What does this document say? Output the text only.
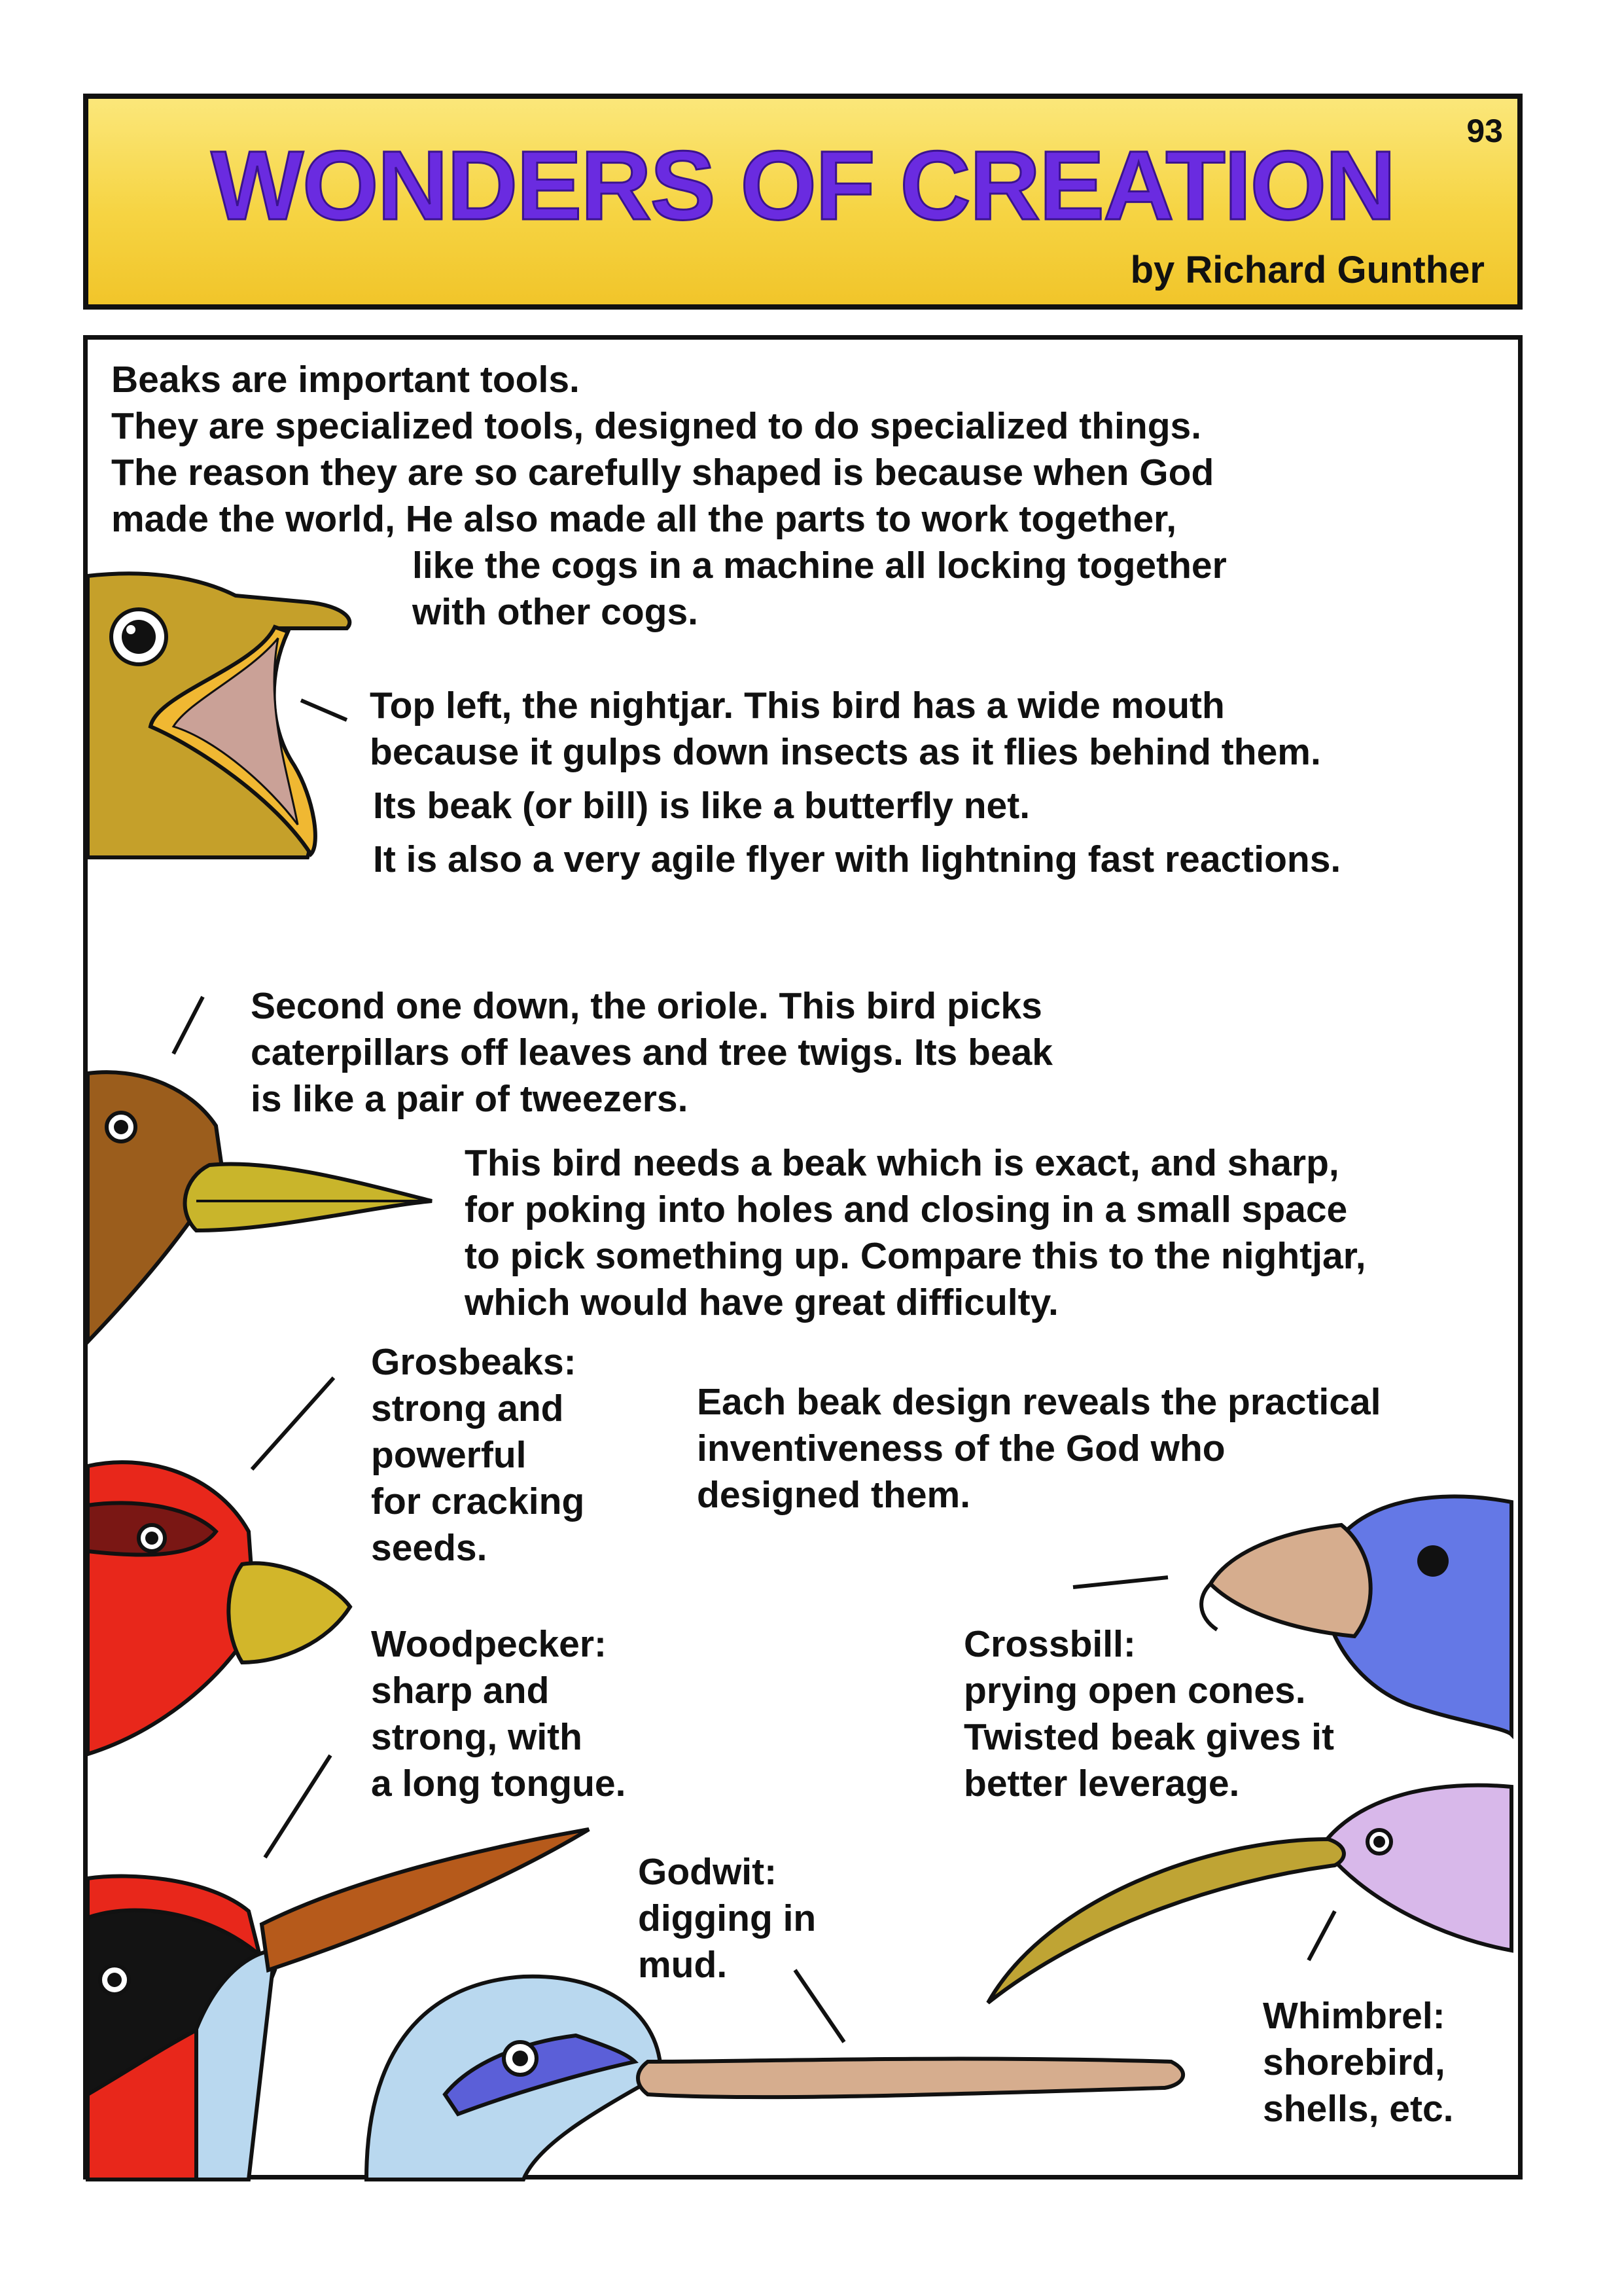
WONDERS OF CREATION	93
by Richard Gunther
Beaks are important tools.
They are specialized tools, designed to do specialized things.
The reason they are so carefully shaped is because when God
made the world, He also made all the parts to work together,
like the cogs in a machine all locking together
with other cogs.
Top left, the nightjar. This bird has a wide mouth
because it gulps down insects as it flies behind them.
Its beak (or bill) is like a butterfly net.
It is also a very agile flyer with lightning fast reactions.
Second one down, the oriole. This bird picks
caterpillars off leaves and tree twigs. Its beak
is like a pair of tweezers.
This bird needs a beak which is exact, and sharp,
for poking into holes and closing in a small space
to pick something up. Compare this to the nightjar,
which would have great difficulty.
Grosbeaks:
strong and
powerful
for cracking
seeds.
Each beak design reveals the practical
inventiveness of the God who
designed them.
Woodpecker:
sharp and
strong, with
a long tongue.
Crossbill:
prying open cones.
Twisted beak gives it
better leverage.
Godwit:
digging in
mud.
Whimbrel:
shorebird,
shells, etc.
